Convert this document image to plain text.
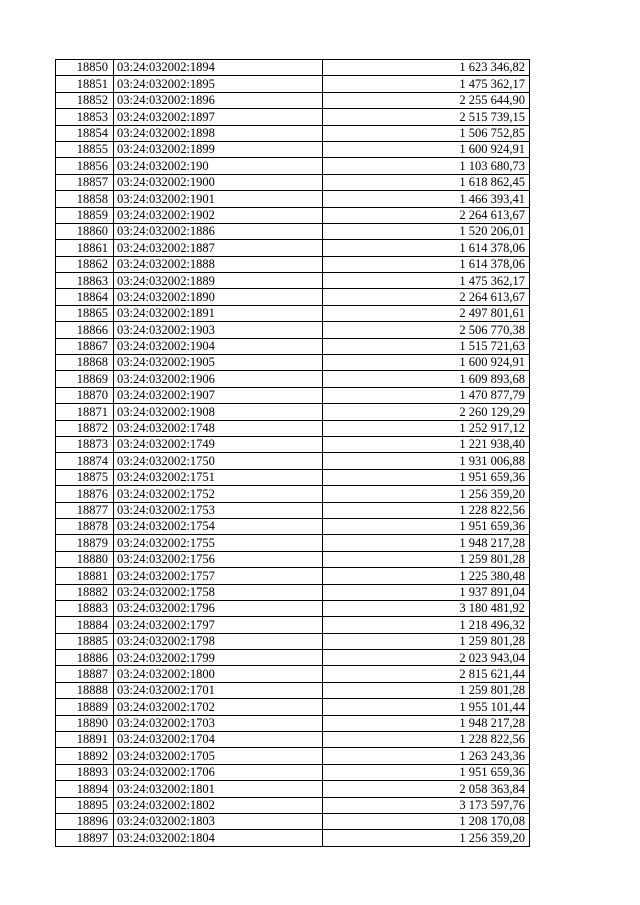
18850	03:24:032002:1894	1 623 346,82
18851	03:24:032002:1895	1 475 362,17
18852	03:24:032002:1896	2 255 644,90
18853	03:24:032002:1897	2 515 739,15
18854	03:24:032002:1898	1 506 752,85
18855	03:24:032002:1899	1 600 924,91
18856	03:24:032002:190	1 103 680,73
18857	03:24:032002:1900	1 618 862,45
18858	03:24:032002:1901	1 466 393,41
18859	03:24:032002:1902	2 264 613,67
18860	03:24:032002:1886	1 520 206,01
18861	03:24:032002:1887	1 614 378,06
18862	03:24:032002:1888	1 614 378,06
18863	03:24:032002:1889	1 475 362,17
18864	03:24:032002:1890	2 264 613,67
18865	03:24:032002:1891	2 497 801,61
18866	03:24:032002:1903	2 506 770,38
18867	03:24:032002:1904	1 515 721,63
18868	03:24:032002:1905	1 600 924,91
18869	03:24:032002:1906	1 609 893,68
18870	03:24:032002:1907	1 470 877,79
18871	03:24:032002:1908	2 260 129,29
18872	03:24:032002:1748	1 252 917,12
18873	03:24:032002:1749	1 221 938,40
18874	03:24:032002:1750	1 931 006,88
18875	03:24:032002:1751	1 951 659,36
18876	03:24:032002:1752	1 256 359,20
18877	03:24:032002:1753	1 228 822,56
18878	03:24:032002:1754	1 951 659,36
18879	03:24:032002:1755	1 948 217,28
18880	03:24:032002:1756	1 259 801,28
18881	03:24:032002:1757	1 225 380,48
18882	03:24:032002:1758	1 937 891,04
18883	03:24:032002:1796	3 180 481,92
18884	03:24:032002:1797	1 218 496,32
18885	03:24:032002:1798	1 259 801,28
18886	03:24:032002:1799	2 023 943,04
18887	03:24:032002:1800	2 815 621,44
18888	03:24:032002:1701	1 259 801,28
18889	03:24:032002:1702	1 955 101,44
18890	03:24:032002:1703	1 948 217,28
18891	03:24:032002:1704	1 228 822,56
18892	03:24:032002:1705	1 263 243,36
18893	03:24:032002:1706	1 951 659,36
18894	03:24:032002:1801	2 058 363,84
18895	03:24:032002:1802	3 173 597,76
18896	03:24:032002:1803	1 208 170,08
18897	03:24:032002:1804	1 256 359,20
